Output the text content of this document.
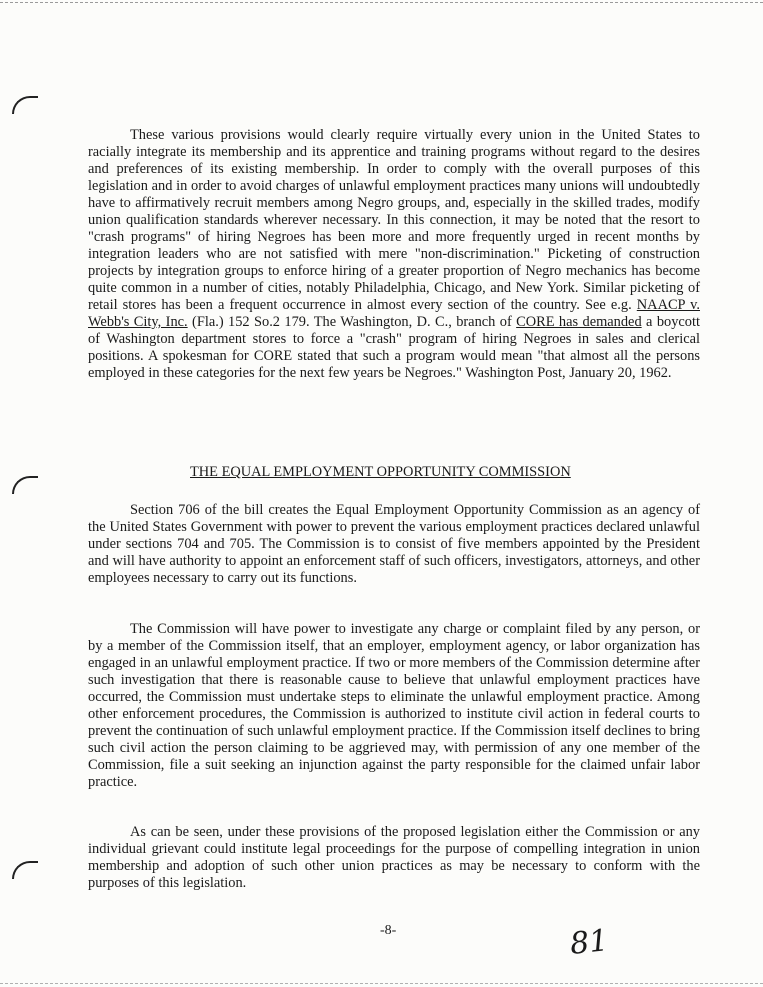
These various provisions would clearly require virtually every union in the United States to racially integrate its membership and its apprentice and training programs without regard to the desires and preferences of its existing membership. In order to comply with the overall purposes of this legislation and in order to avoid charges of unlawful employment practices many unions will undoubtedly have to affirmatively recruit members among Negro groups, and, especially in the skilled trades, modify union qualification standards wherever necessary. In this connection, it may be noted that the resort to "crash programs" of hiring Negroes has been more and more frequently urged in recent months by integration leaders who are not satisfied with mere "non-discrimination." Picketing of construction projects by integration groups to enforce hiring of a greater proportion of Negro mechanics has become quite common in a number of cities, notably Philadelphia, Chicago, and New York. Similar picketing of retail stores has been a frequent occurrence in almost every section of the country. See e.g. NAACP v. Webb's City, Inc. (Fla.) 152 So.2 179. The Washington, D. C., branch of CORE has demanded a boycott of Washington department stores to force a "crash" program of hiring Negroes in sales and clerical positions. A spokesman for CORE stated that such a program would mean "that almost all the persons employed in these categories for the next few years be Negroes." Washington Post, January 20, 1962.

THE EQUAL EMPLOYMENT OPPORTUNITY COMMISSION

Section 706 of the bill creates the Equal Employment Opportunity Commission as an agency of the United States Government with power to prevent the various employment practices declared unlawful under sections 704 and 705. The Commission is to consist of five members appointed by the President and will have authority to appoint an enforcement staff of such officers, investigators, attorneys, and other employees necessary to carry out its functions.

The Commission will have power to investigate any charge or complaint filed by any person, or by a member of the Commission itself, that an employer, employment agency, or labor organization has engaged in an unlawful employment practice. If two or more members of the Commission determine after such investigation that there is reasonable cause to believe that unlawful employment practices have occurred, the Commission must undertake steps to eliminate the unlawful employment practice. Among other enforcement procedures, the Commission is authorized to institute civil action in federal courts to prevent the continuation of such unlawful employment practice. If the Commission itself declines to bring such civil action the person claiming to be aggrieved may, with permission of any one member of the Commission, file a suit seeking an injunction against the party responsible for the claimed unfair labor practice.

As can be seen, under these provisions of the proposed legislation either the Commission or any individual grievant could institute legal proceedings for the purpose of compelling integration in union membership and adoption of such other union practices as may be necessary to conform with the purposes of this legislation.

-8-	81
